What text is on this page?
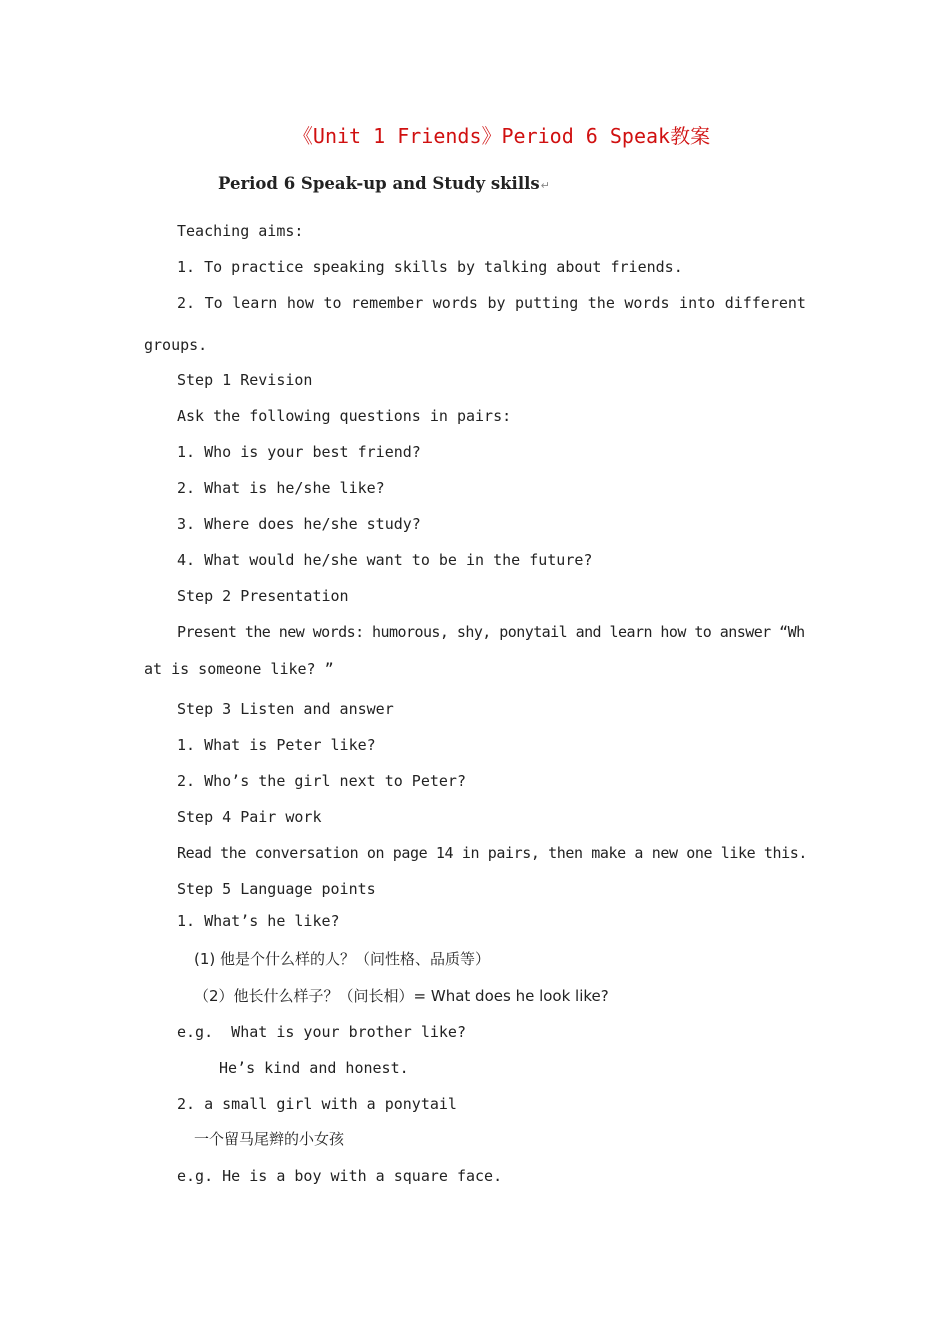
《Unit 1 Friends》Period 6 Speak教案
Period 6 Speak-up and Study skills↵
Teaching aims:
1. To practice speaking skills by talking about friends.
2. To learn how to remember words by putting the words into different
groups.
Step 1 Revision
Ask the following questions in pairs:
1. Who is your best friend?
2. What is he/she like?
3. Where does he/she study?
4. What would he/she want to be in the future?
Step 2 Presentation
Present the new words: humorous, shy, ponytail and learn how to answer “Wh
at is someone like? ”
Step 3 Listen and answer
1. What is Peter like?
2. Who’s the girl next to Peter?
Step 4 Pair work
Read the conversation on page 14 in pairs, then make a new one like this.
Step 5 Language points
1. What’s he like?
(1) 他是个什么样的人？（问性格、品质等）
（2）他长什么样子？（问长相）= What does he look like?
e.g.  What is your brother like?
He’s kind and honest.
2. a small girl with a ponytail
一个留马尾辫的小女孩
e.g. He is a boy with a square face.
